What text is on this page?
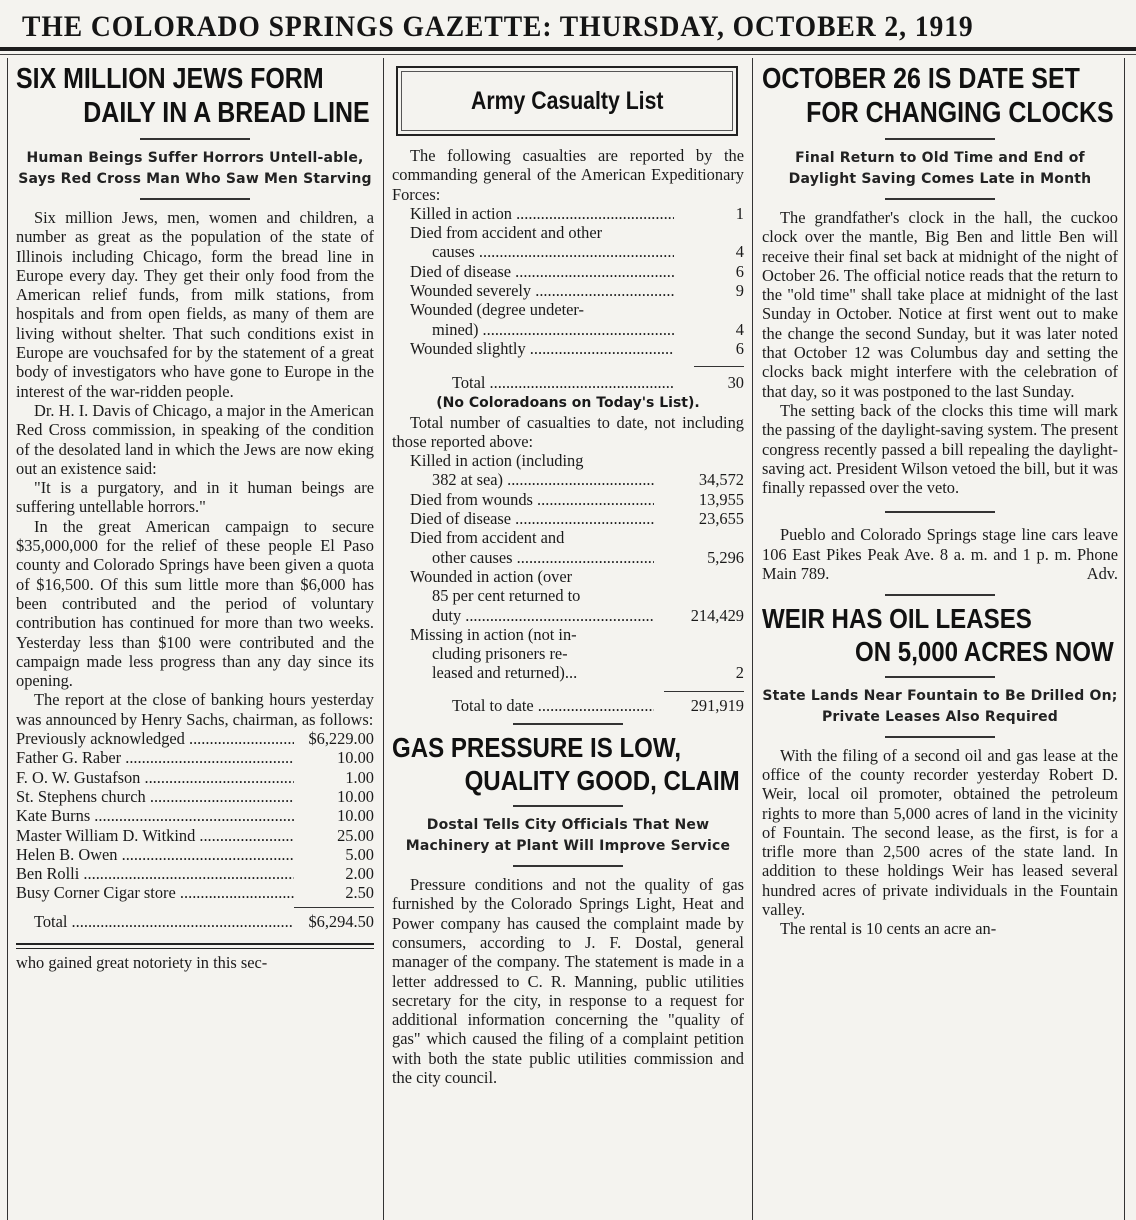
THE COLORADO SPRINGS GAZETTE: THURSDAY, OCTOBER 2, 1919
SIX MILLION JEWS FORM
DAILY IN A BREAD LINE
Human Beings Suffer Horrors Untell-able, Says Red Cross Man Who Saw Men Starving

Six million Jews, men, women and children, a number as great as the population of the state of Illinois including Chicago, form the bread line in Europe every day. They get their only food from the American relief funds, from milk stations, from hospitals and from open fields, as many of them are living without shelter. That such conditions exist in Europe are vouchsafed for by the statement of a great body of investigators who have gone to Europe in the interest of the war-ridden people.

Dr. H. I. Davis of Chicago, a major in the American Red Cross commission, in speaking of the condition of the desolated land in which the Jews are now eking out an existence said:

"It is a purgatory, and in it human beings are suffering untellable horrors."

In the great American campaign to secure $35,000,000 for the relief of these people El Paso county and Colorado Springs have been given a quota of $16,500. Of this sum little more than $6,000 has been contributed and the period of voluntary contribution has continued for more than two weeks. Yesterday less than $100 were contributed and the campaign made less progress than any day since its opening.

The report at the close of banking hours yesterday was announced by Henry Sachs, chairman, as follows:

Previously acknowledged .....	$6,229.00
Father G. Raber .....	10.00
F. O. W. Gustafson .....	1.00
St. Stephens church .....	10.00
Kate Burns .....	10.00
Master William D. Witkind .....	25.00
Helen B. Owen .....	5.00
Ben Rolli .....	2.00
Busy Corner Cigar store .....	2.50
Total .....	$6,294.50

who gained great notoriety in this sec-

Army Casualty List

The following casualties are reported by the commanding general of the American Expeditionary Forces:

Killed in action .....	1
Died from accident and other
causes .....	4
Died of disease .....	6
Wounded severely .....	9
Wounded (degree undeter-
mined) .....	4
Wounded slightly .....	6
Total .....	30
(No Coloradoans on Today's List).

Total number of casualties to date, not including those reported above:

Killed in action (including
382 at sea) .....	34,572
Died from wounds .....	13,955
Died of disease .....	23,655
Died from accident and
other causes .....	5,296
Wounded in action (over
85 per cent returned to
duty .....	214,429
Missing in action (not in-
cluding prisoners re-
leased and returned)...	2
Total to date .....	291,919
GAS PRESSURE IS LOW,
QUALITY GOOD, CLAIM
Dostal Tells City Officials That New Machinery at Plant Will Improve Service

Pressure conditions and not the quality of gas furnished by the Colorado Springs Light, Heat and Power company has caused the complaint made by consumers, according to J. F. Dostal, general manager of the company. The statement is made in a letter addressed to C. R. Manning, public utilities secretary for the city, in response to a request for additional information concerning the "quality of gas" which caused the filing of a complaint petition with both the state public utilities commission and the city council.

OCTOBER 26 IS DATE SET
FOR CHANGING CLOCKS
Final Return to Old Time and End of Daylight Saving Comes Late in Month

The grandfather's clock in the hall, the cuckoo clock over the mantle, Big Ben and little Ben will receive their final set back at midnight of the night of October 26. The official notice reads that the return to the "old time" shall take place at midnight of the last Sunday in October. Notice at first went out to make the change the second Sunday, but it was later noted that October 12 was Columbus day and setting the clocks back might interfere with the celebration of that day, so it was postponed to the last Sunday.

The setting back of the clocks this time will mark the passing of the daylight-saving system. The present congress recently passed a bill repealing the daylight-saving act. President Wilson vetoed the bill, but it was finally repassed over the veto.

Pueblo and Colorado Springs stage line cars leave 106 East Pikes Peak Ave. 8 a. m. and 1 p. m. Phone Main 789.	Adv.
WEIR HAS OIL LEASES
ON 5,000 ACRES NOW
State Lands Near Fountain to Be Drilled On; Private Leases Also Required

With the filing of a second oil and gas lease at the office of the county recorder yesterday Robert D. Weir, local oil promoter, obtained the petroleum rights to more than 5,000 acres of land in the vicinity of Fountain. The second lease, as the first, is for a trifle more than 2,500 acres of the state land. In addition to these holdings Weir has leased several hundred acres of private individuals in the Fountain valley.

The rental is 10 cents an acre an-
